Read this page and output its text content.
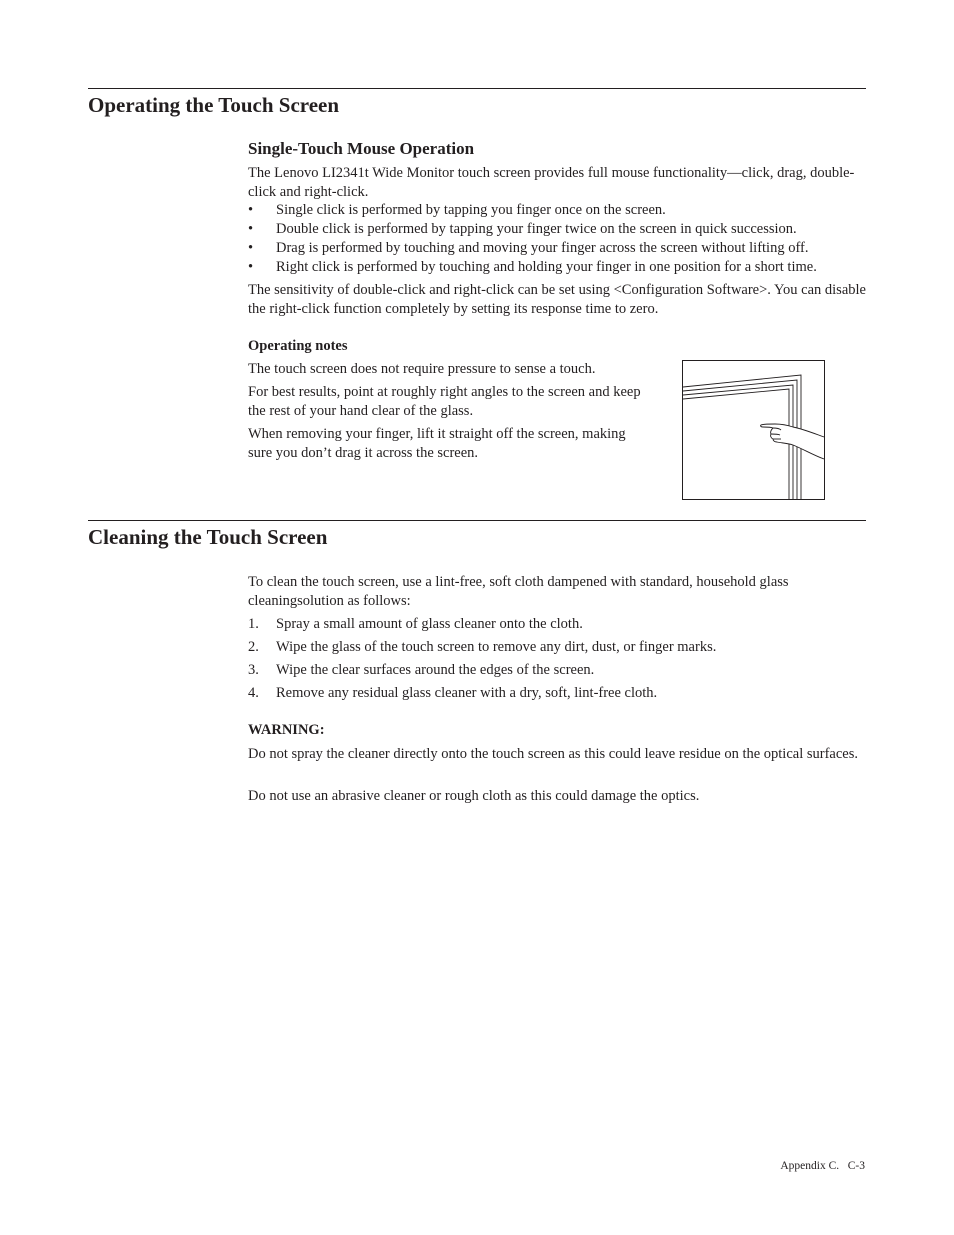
Operating the Touch Screen
Single-Touch Mouse Operation

The Lenovo LI2341t Wide Monitor touch screen provides full mouse functionality—click, drag, double-click and right-click.

• Single click is performed by tapping you finger once on the screen.
• Double click is performed by tapping your finger twice on the screen in quick succession.
• Drag is performed by touching and moving your finger across the screen without lifting off.
• Right click is performed by touching and holding your finger in one position for a short time.

The sensitivity of double-click and right-click can be set using <Configuration Software>. You can disable the right-click function completely by setting its response time to zero.

Operating notes

The touch screen does not require pressure to sense a touch.

For best results, point at roughly right angles to the screen and keep the rest of your hand clear of the glass.

When removing your finger, lift it straight off the screen, making sure you don’t drag it across the screen.

Cleaning the Touch Screen

To clean the touch screen, use a lint-free, soft cloth dampened with standard, household glass cleaningsolution as follows:

1. Spray a small amount of glass cleaner onto the cloth.
2. Wipe the glass of the touch screen to remove any dirt, dust, or finger marks.
3. Wipe the clear surfaces around the edges of the screen.
4. Remove any residual glass cleaner with a dry, soft, lint-free cloth.
WARNING:

Do not spray the cleaner directly onto the touch screen as this could leave residue on the optical surfaces.

Do not use an abrasive cleaner or rough cloth as this could damage the optics.

Appendix C.   C-3
